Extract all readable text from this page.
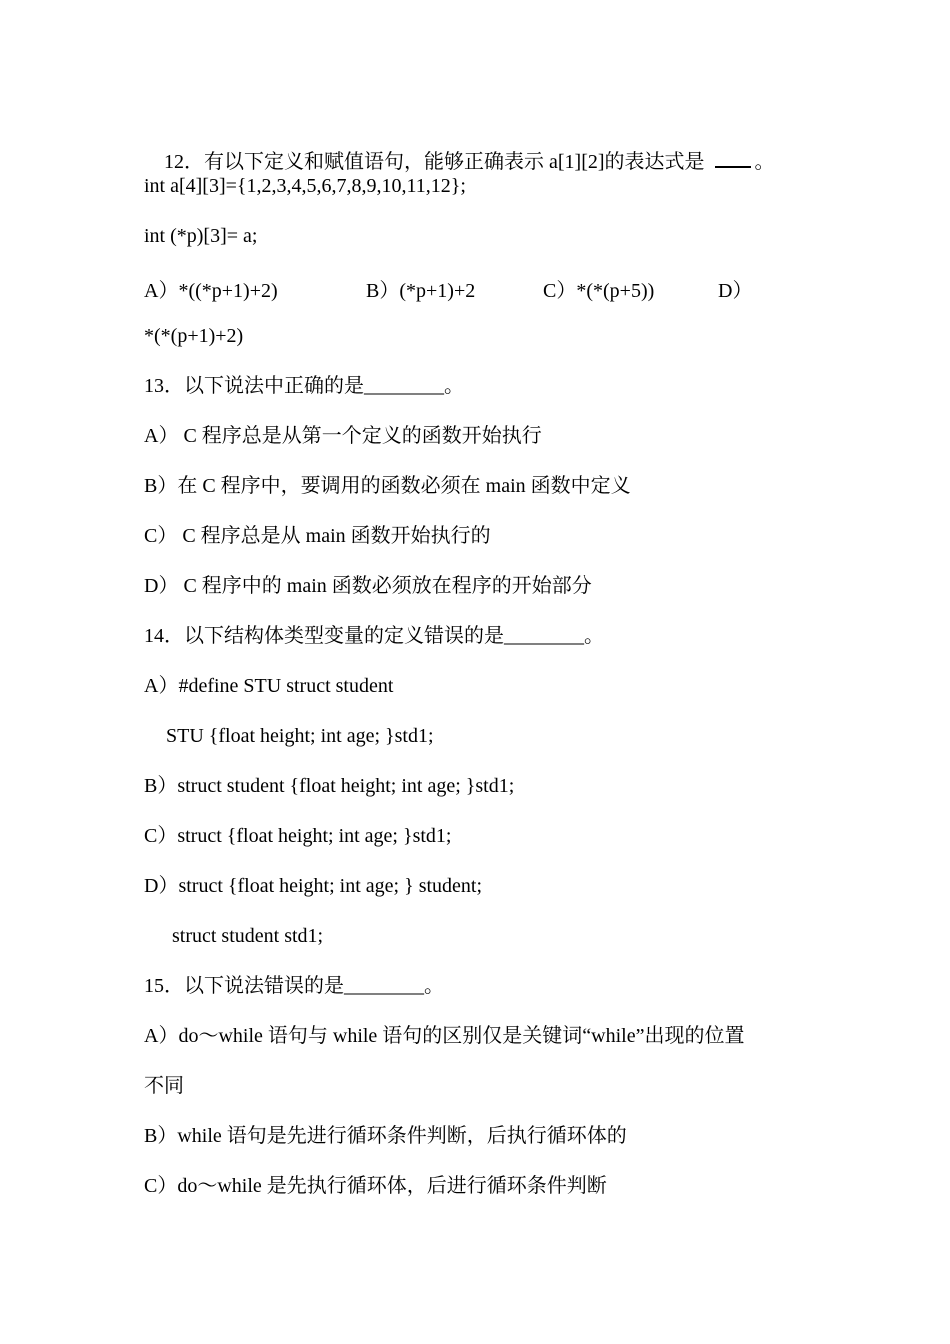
12．有以下定义和赋值语句，能够正确表示 a[1][2]的表达式是	。

int a[4][3]={1,2,3,4,5,6,7,8,9,10,11,12};
int (*p)[3]= a;
A）*((*p+1)+2)	B）(*p+1)+2	C）*(*(p+5))	D）
*(*(p+1)+2)
13．以下说法中正确的是________。
A） C 程序总是从第一个定义的函数开始执行
B）在 C 程序中，要调用的函数必须在 main 函数中定义
C） C 程序总是从 main 函数开始执行的
D） C 程序中的 main 函数必须放在程序的开始部分
14．以下结构体类型变量的定义错误的是________。
A）#define STU struct student
STU {float height; int age; }std1;
B）struct student {float height; int age; }std1;
C）struct {float height; int age; }std1;
D）struct {float height; int age; } student;
struct student std1;
15．以下说法错误的是________。
A）do～while 语句与 while 语句的区别仅是关键词“while”出现的位置
不同
B）while 语句是先进行循环条件判断，后执行循环体的
C）do～while 是先执行循环体，后进行循环条件判断
